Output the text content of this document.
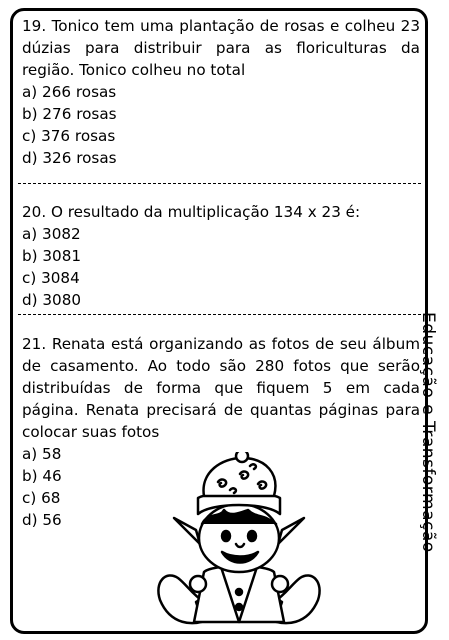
19. Tonico tem uma plantação de rosas e colheu 23 dúzias para distribuir para as floriculturas da região. Tonico colheu no total

a) 266 rosas

b) 276 rosas

c) 376 rosas

d) 326 rosas

20. O resultado da multiplicação 134 x 23 é:

a) 3082

b) 3081

c) 3084

d) 3080

21. Renata está organizando as fotos de seu álbum de casamento. Ao todo são 280 fotos que serão distribuídas de forma que fiquem 5 em cada página. Renata precisará de quantas páginas para colocar suas fotos

a) 58

b) 46

c) 68

d) 56	Educação e Transformação
